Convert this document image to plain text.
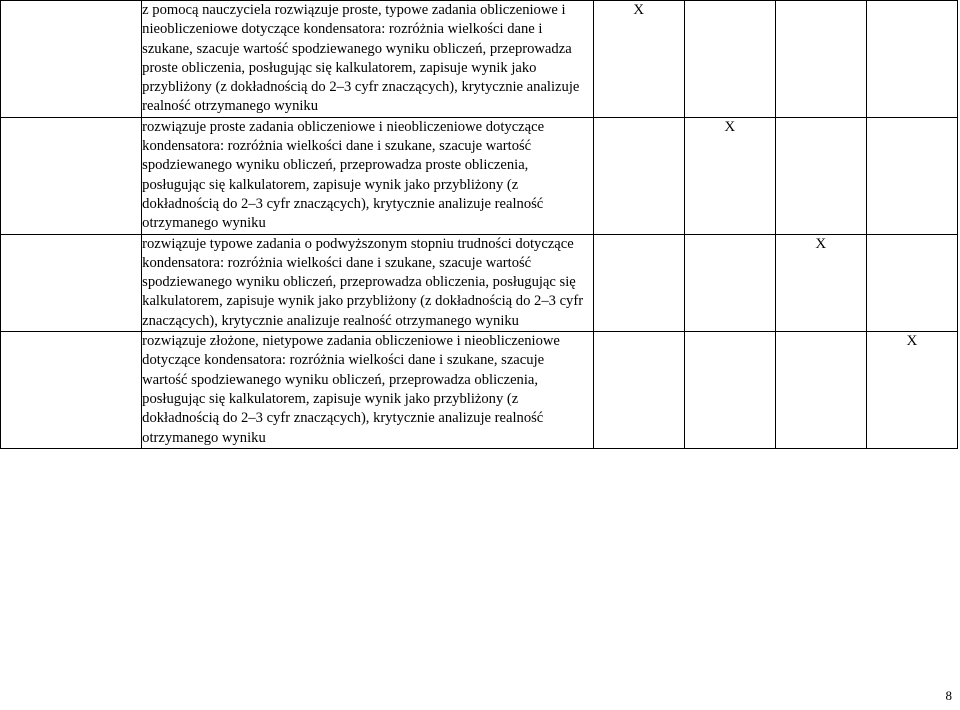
	z pomocą nauczyciela rozwiązuje proste, typowe zadania obliczeniowe i nieobliczeniowe dotyczące kondensatora: rozróżnia wielkości dane i szukane, szacuje wartość spodziewanego wyniku obliczeń, przeprowadza proste obliczenia, posługując się kalkulatorem, zapisuje wynik jako przybliżony (z dokładnością do 2–3 cyfr znaczących), krytycznie analizuje realność otrzymanego wyniku	X			
	rozwiązuje proste zadania obliczeniowe i nieobliczeniowe dotyczące kondensatora: rozróżnia wielkości dane i szukane, szacuje wartość spodziewanego wyniku obliczeń, przeprowadza proste obliczenia, posługując się kalkulatorem, zapisuje wynik jako przybliżony (z dokładnością do 2–3 cyfr znaczących), krytycznie analizuje realność otrzymanego wyniku		X		
	rozwiązuje typowe zadania o podwyższonym stopniu trudności dotyczące kondensatora: rozróżnia wielkości dane i szukane, szacuje wartość spodziewanego wyniku obliczeń, przeprowadza obliczenia, posługując się kalkulatorem, zapisuje wynik jako przybliżony (z dokładnością do 2–3 cyfr znaczących), krytycznie analizuje realność otrzymanego wyniku			X	
	rozwiązuje złożone, nietypowe zadania obliczeniowe i nieobliczeniowe dotyczące kondensatora: rozróżnia wielkości dane i szukane, szacuje wartość spodziewanego wyniku obliczeń, przeprowadza obliczenia, posługując się kalkulatorem, zapisuje wynik jako przybliżony (z dokładnością do 2–3 cyfr znaczących), krytycznie analizuje realność otrzymanego wyniku				X
8
